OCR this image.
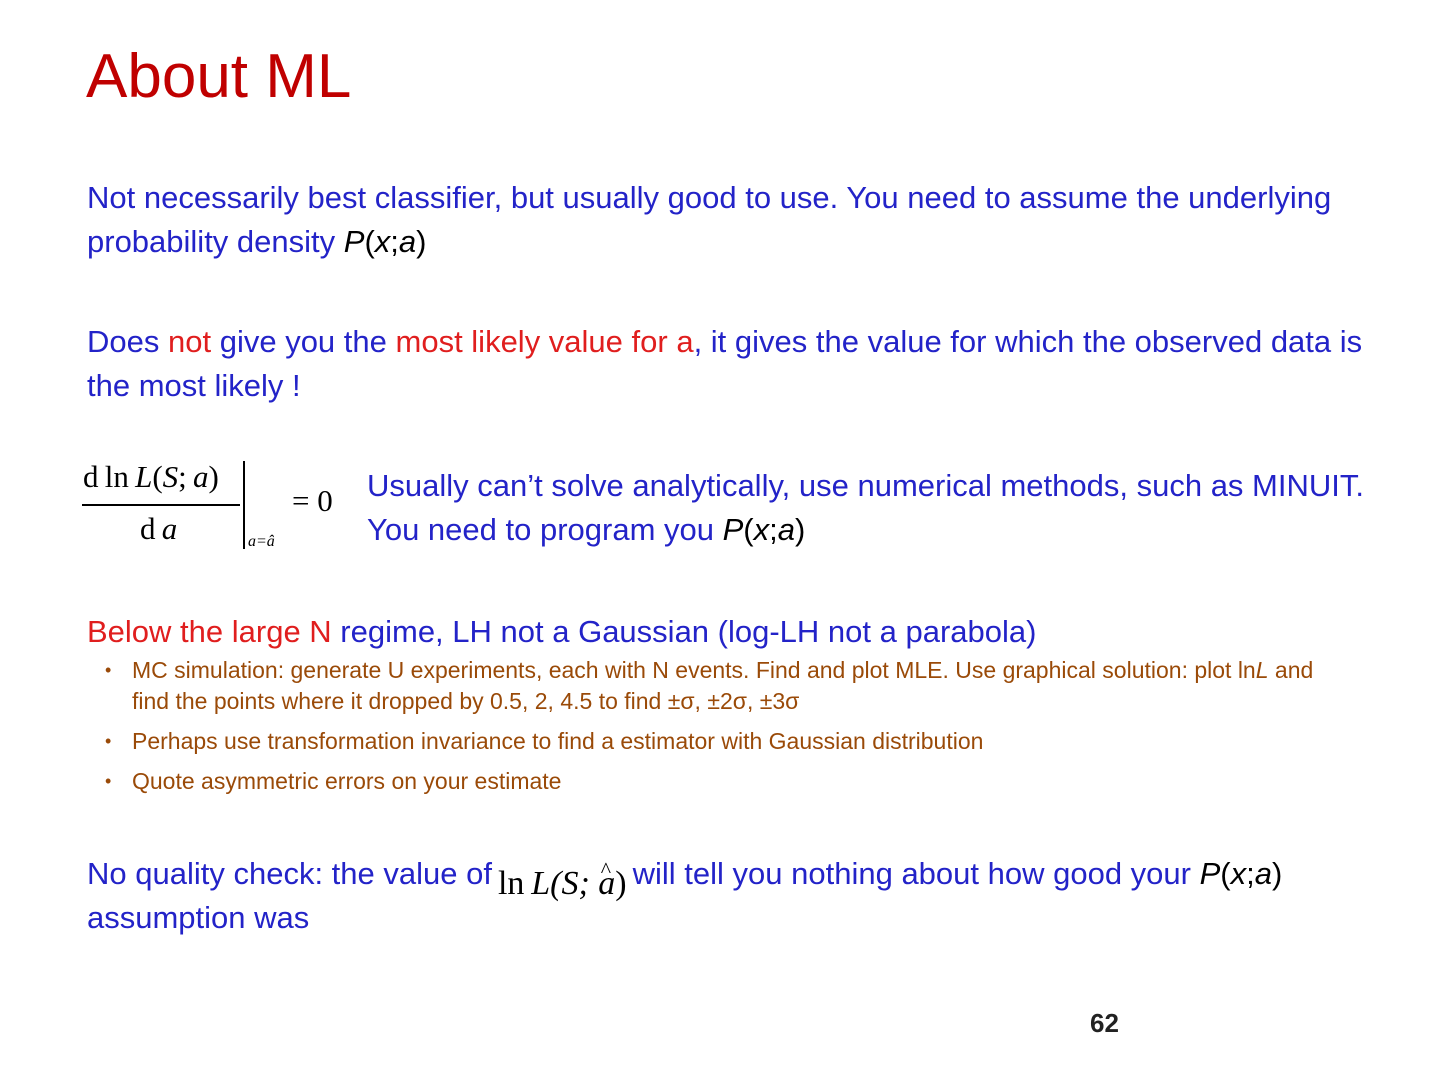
About ML

Not necessarily best classifier, but usually good to use. You need to assume the underlying probability density P(x;a)

Does not give you the most likely value for a, it gives the value for which the observed data is the most likely !

d  ln  L(S;  a)
d  a	a=â
= 0 Usually can’t solve analytically, use numerical methods, such as MINUIT. You need to program you P(x;a)

Below the large N regime, LH not a Gaussian (log-LH not a parabola)

• MC simulation: generate U experiments, each with N events. Find and plot MLE. Use graphical solution: plot lnL and find the points where it dropped by 0.5, 2, 4.5 to find ±σ, ±2σ, ±3σ
• Perhaps use transformation invariance to find a estimator with Gaussian distribution
• Quote asymmetric errors on your estimate

No quality check: the value of ln  L(S; ^ a) will tell you nothing about how good your P(x;a) assumption was

62
